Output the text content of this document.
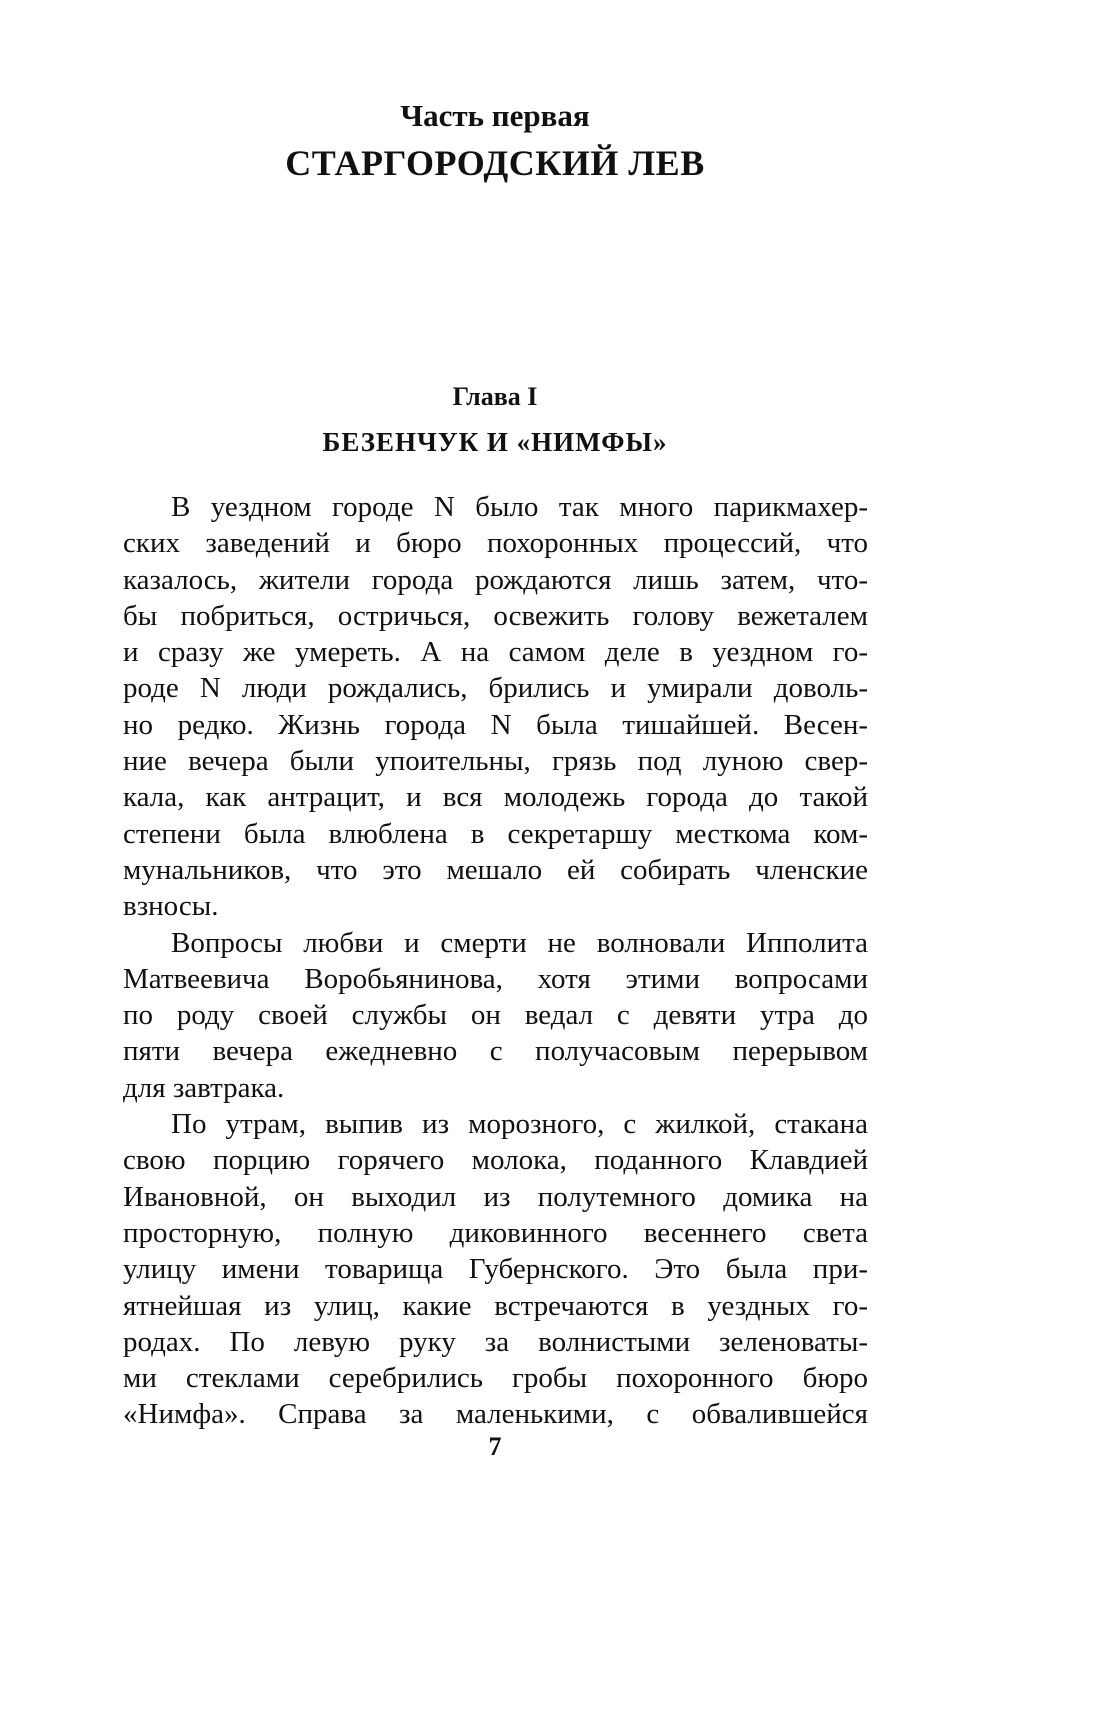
Часть первая
СТАРГОРОДСКИЙ ЛЕВ
Глава I
БЕЗЕНЧУК И «НИМФЫ»
В уездном городе N было так много парикмахер-
ских заведений и бюро похоронных процессий, что
казалось, жители города рождаются лишь затем, что-
бы побриться, остричься, освежить голову вежеталем
и сразу же умереть. А на самом деле в уездном го-
роде N люди рождались, брились и умирали доволь-
но редко. Жизнь города N была тишайшей. Весен-
ние вечера были упоительны, грязь под луною свер-
кала, как антрацит, и вся молодежь города до такой
степени была влюблена в секретаршу месткома ком-
мунальников, что это мешало ей собирать членские
взносы.
Вопросы любви и смерти не волновали Ипполита
Матвеевича Воробьянинова, хотя этими вопросами
по роду своей службы он ведал с девяти утра до
пяти вечера ежедневно с получасовым перерывом
для завтрака.
По утрам, выпив из морозного, с жилкой, стакана
свою порцию горячего молока, поданного Клавдией
Ивановной, он выходил из полутемного домика на
просторную, полную диковинного весеннего света
улицу имени товарища Губернского. Это была при-
ятнейшая из улиц, какие встречаются в уездных го-
родах. По левую руку за волнистыми зеленоваты-
ми стеклами серебрились гробы похоронного бюро
«Нимфа». Справа за маленькими, с обвалившейся
7
